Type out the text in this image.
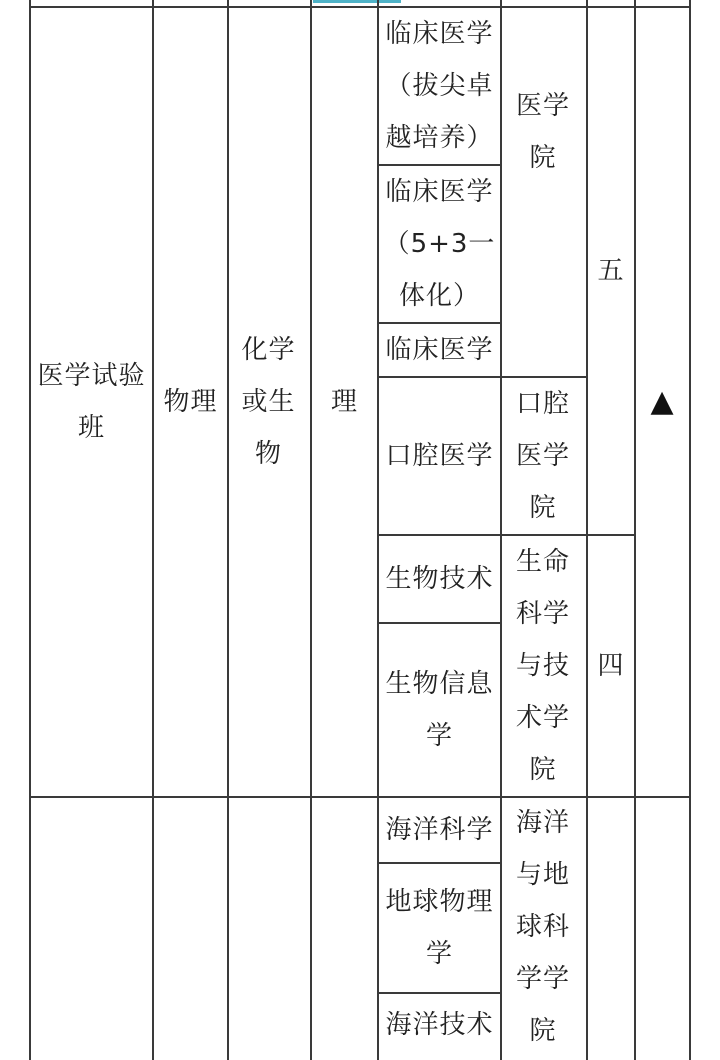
医学试验班
物理
化学或生物
理	▲
临床医学（拔尖卓越培养）
临床医学（5+3一体化）
临床医学
口腔医学
生物技术
生物信息学
医学院
口腔医学院
生命科学与技术学院
五
四
海洋科学
地球物理学
海洋技术
海洋与地球科学学院
